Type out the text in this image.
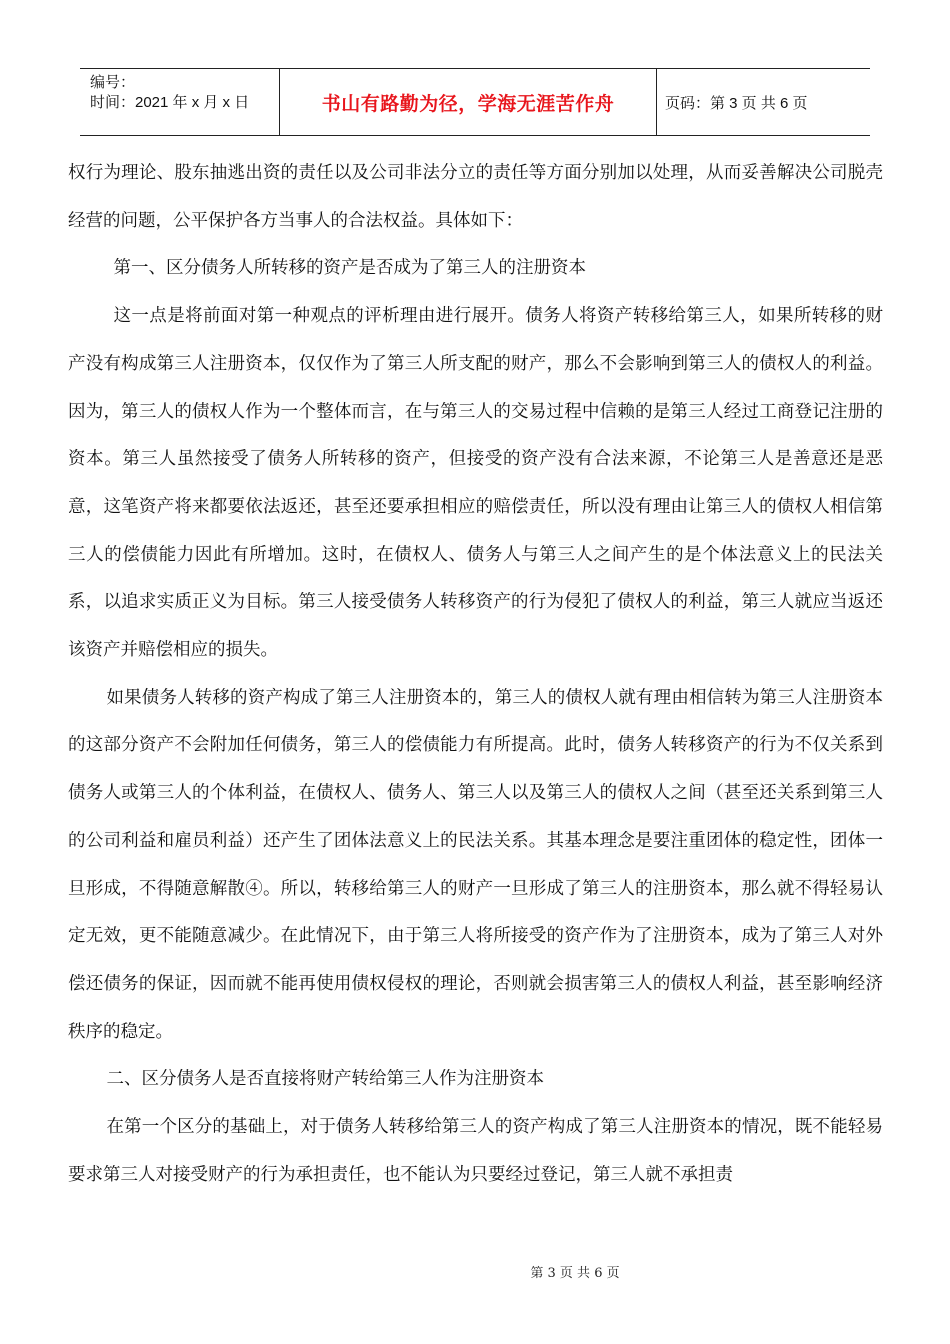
编号：
时间：2021 年 x 月 x 日	书山有路勤为径，学海无涯苦作舟	页码：第 3 页 共 6 页

权行为理论、股东抽逃出资的责任以及公司非法分立的责任等方面分别加以处理，从而妥善解决公司脱壳经营的问题，公平保护各方当事人的合法权益。具体如下：

第一、区分债务人所转移的资产是否成为了第三人的注册资本

这一点是将前面对第一种观点的评析理由进行展开。债务人将资产转移给第三人，如果所转移的财产没有构成第三人注册资本，仅仅作为了第三人所支配的财产，那么不会影响到第三人的债权人的利益。因为，第三人的债权人作为一个整体而言，在与第三人的交易过程中信赖的是第三人经过工商登记注册的资本。第三人虽然接受了债务人所转移的资产，但接受的资产没有合法来源，不论第三人是善意还是恶意，这笔资产将来都要依法返还，甚至还要承担相应的赔偿责任，所以没有理由让第三人的债权人相信第三人的偿债能力因此有所增加。这时，在债权人、债务人与第三人之间产生的是个体法意义上的民法关系，以追求实质正义为目标。第三人接受债务人转移资产的行为侵犯了债权人的利益，第三人就应当返还该资产并赔偿相应的损失。

如果债务人转移的资产构成了第三人注册资本的，第三人的债权人就有理由相信转为第三人注册资本的这部分资产不会附加任何债务，第三人的偿债能力有所提高。此时，债务人转移资产的行为不仅关系到债务人或第三人的个体利益，在债权人、债务人、第三人以及第三人的债权人之间（甚至还关系到第三人的公司利益和雇员利益）还产生了团体法意义上的民法关系。其基本理念是要注重团体的稳定性，团体一旦形成，不得随意解散④。所以，转移给第三人的财产一旦形成了第三人的注册资本，那么就不得轻易认定无效，更不能随意减少。在此情况下，由于第三人将所接受的资产作为了注册资本，成为了第三人对外偿还债务的保证，因而就不能再使用债权侵权的理论，否则就会损害第三人的债权人利益，甚至影响经济秩序的稳定。

二、区分债务人是否直接将财产转给第三人作为注册资本

在第一个区分的基础上，对于债务人转移给第三人的资产构成了第三人注册资本的情况，既不能轻易要求第三人对接受财产的行为承担责任，也不能认为只要经过登记，第三人就不承担责

第 3 页 共 6 页
